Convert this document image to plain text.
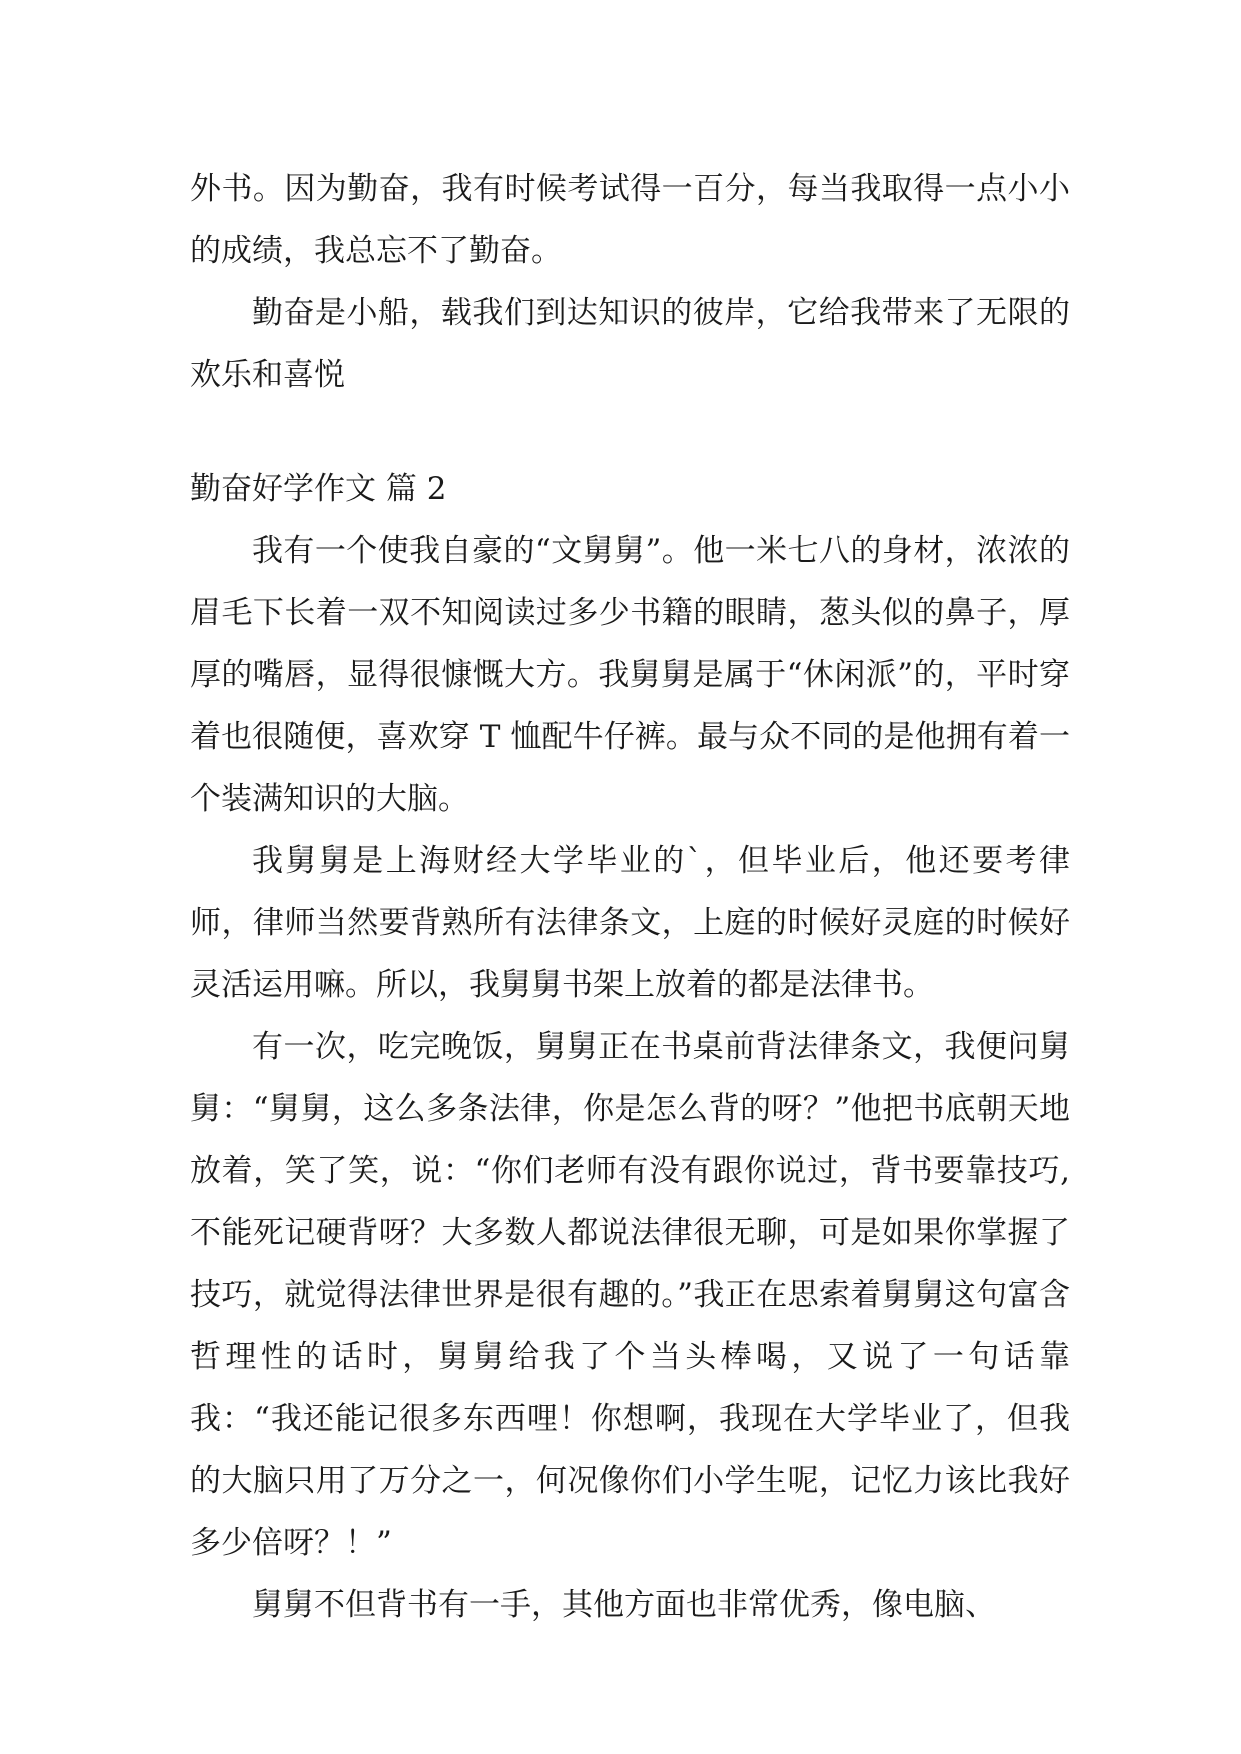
外书。因为勤奋，我有时候考试得一百分，每当我取得一点小小的成绩，我总忘不了勤奋。

勤奋是小船，载我们到达知识的彼岸，它给我带来了无限的欢乐和喜悦

勤奋好学作文 篇 2

我有一个使我自豪的“文舅舅”。他一米七八的身材，浓浓的眉毛下长着一双不知阅读过多少书籍的眼睛，葱头似的鼻子，厚厚的嘴唇，显得很慷慨大方。我舅舅是属于“休闲派”的，平时穿着也很随便，喜欢穿 T 恤配牛仔裤。最与众不同的是他拥有着一个装满知识的大脑。

我舅舅是上海财经大学毕业的`，但毕业后，他还要考律师，律师当然要背熟所有法律条文，上庭的时候好灵庭的时候好灵活运用嘛。所以，我舅舅书架上放着的都是法律书。

有一次，吃完晚饭，舅舅正在书桌前背法律条文，我便问舅舅：“舅舅，这么多条法律，你是怎么背的呀？”他把书底朝天地放着，笑了笑，说：“你们老师有没有跟你说过，背书要靠技巧,不能死记硬背呀？大多数人都说法律很无聊，可是如果你掌握了技巧，就觉得法律世界是很有趣的。”我正在思索着舅舅这句富含哲理性的话时，舅舅给我了个当头棒喝，又说了一句话靠我：“我还能记很多东西哩！你想啊，我现在大学毕业了，但我的大脑只用了万分之一，何况像你们小学生呢，记忆力该比我好多少倍呀？！”

舅舅不但背书有一手，其他方面也非常优秀，像电脑、
